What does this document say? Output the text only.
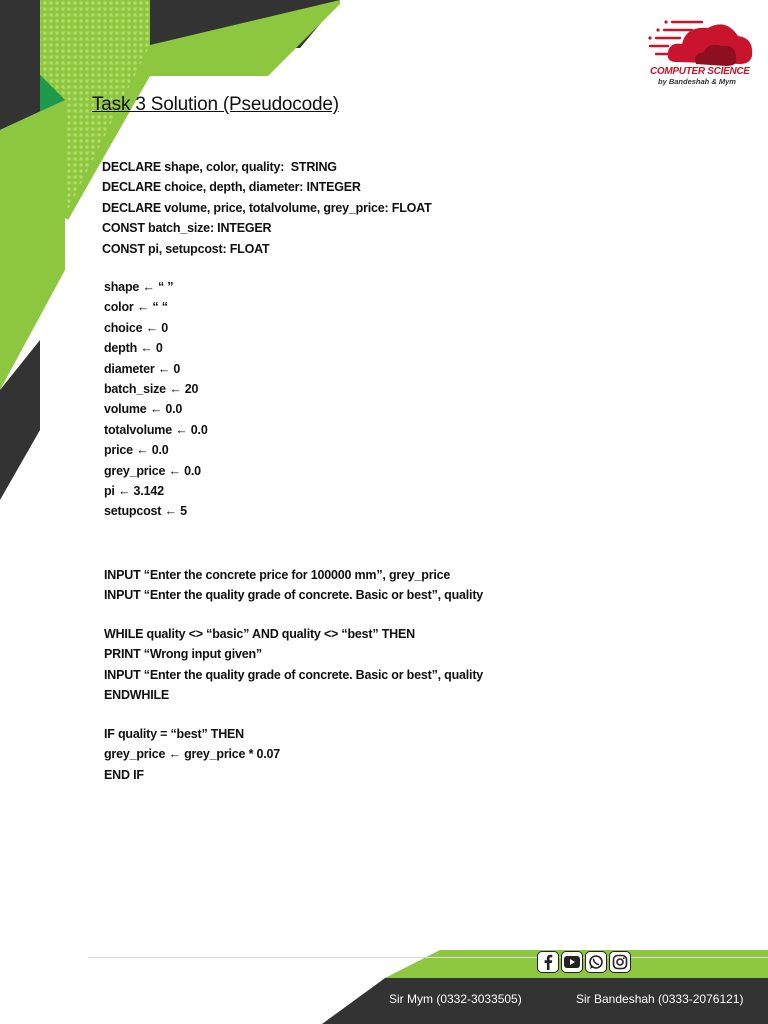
COMPUTER SCIENCE
by Bandeshah & Mym
Task 3 Solution (Pseudocode)
DECLARE shape, color, quality:  STRING
DECLARE choice, depth, diameter: INTEGER
DECLARE volume, price, totalvolume, grey_price: FLOAT
CONST batch_size: INTEGER
CONST pi, setupcost: FLOAT
shape ← “ ”
color ← “ “
choice ← 0
depth ← 0
diameter ← 0
batch_size ← 20
volume ← 0.0
totalvolume ← 0.0
price ← 0.0
grey_price ← 0.0
pi ← 3.142
setupcost ← 5
INPUT “Enter the concrete price for 100000 mm”, grey_price
INPUT “Enter the quality grade of concrete. Basic or best”, quality
WHILE quality <> “basic” AND quality <> “best” THEN
PRINT “Wrong input given”
INPUT “Enter the quality grade of concrete. Basic or best”, quality
ENDWHILE
IF quality = “best” THEN
grey_price ← grey_price * 0.07
END IF
Sir Mym (0332-3033505)	Sir Bandeshah (0333-2076121)
